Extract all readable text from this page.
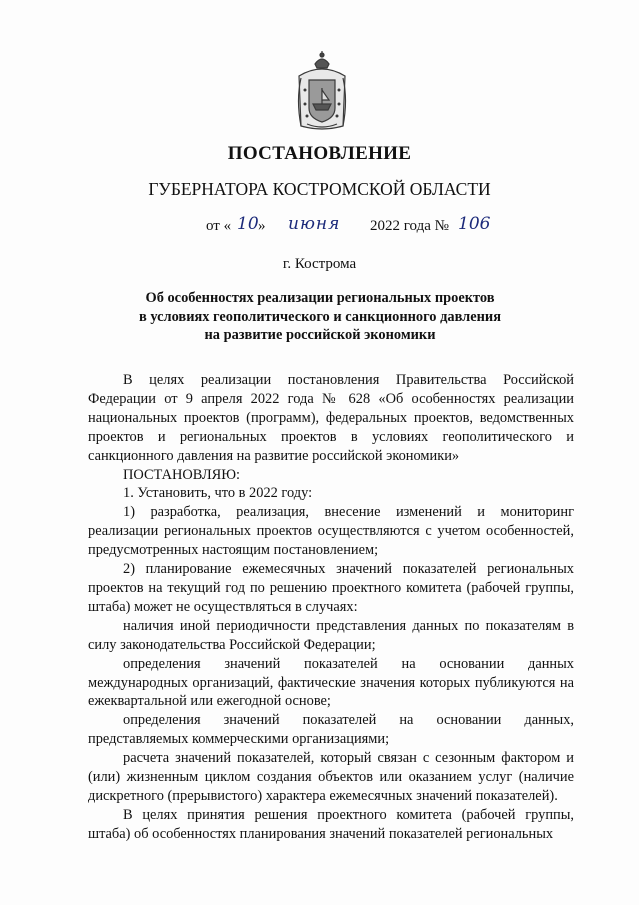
ПОСТАНОВЛЕНИЕ
ГУБЕРНАТОРА КОСТРОМСКОЙ ОБЛАСТИ
от « 10 » июня 2022 года № 106
г. Кострома
Об особенностях реализации региональных проектов
в условиях геополитического и санкционного давления
на развитие российской экономики

В целях реализации постановления Правительства Российской Федерации от 9 апреля 2022 года № 628 «Об особенностях реализации национальных проектов (программ), федеральных проектов, ведомственных проектов и региональных проектов в условиях геополитического и санкционного давления на развитие российской экономики»

ПОСТАНОВЛЯЮ:

1. Установить, что в 2022 году:

1) разработка, реализация, внесение изменений и мониторинг реализации региональных проектов осуществляются с учетом особенностей, предусмотренных настоящим постановлением;

2) планирование ежемесячных значений показателей региональных проектов на текущий год по решению проектного комитета (рабочей группы, штаба) может не осуществляться в случаях:

наличия иной периодичности представления данных по показателям в силу законодательства Российской Федерации;

определения значений показателей на основании данных международных организаций, фактические значения которых публикуются на ежеквартальной или ежегодной основе;

определения значений показателей на основании данных, представляемых коммерческими организациями;

расчета значений показателей, который связан с сезонным фактором и (или) жизненным циклом создания объектов или оказанием услуг (наличие дискретного (прерывистого) характера ежемесячных значений показателей).

В целях принятия решения проектного комитета (рабочей группы, штаба) об особенностях планирования значений показателей региональных
